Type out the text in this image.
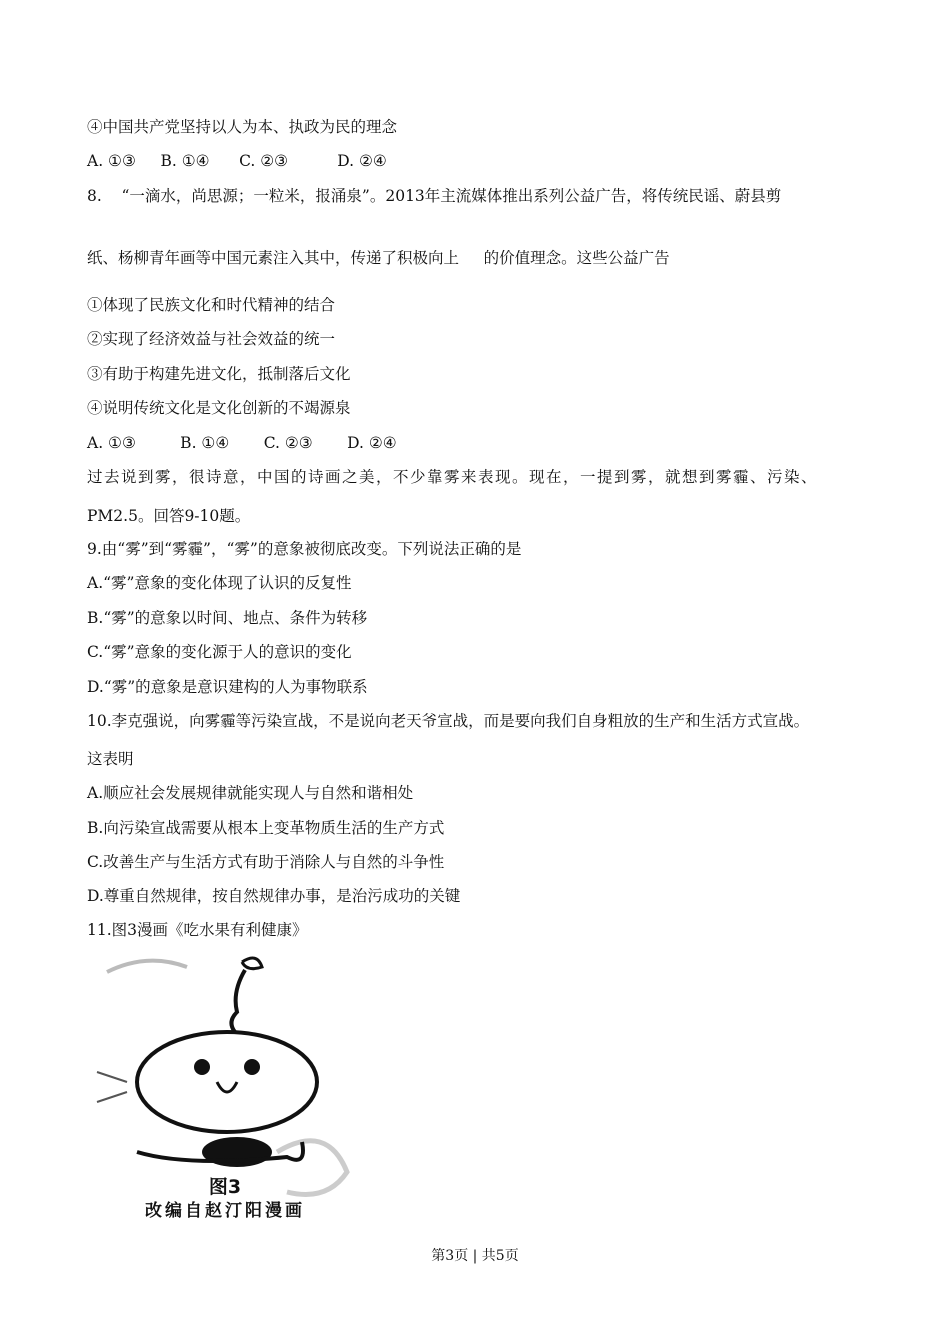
④中国共产党坚持以人为本、执政为民的理念
A. ①③     B. ①④      C. ②③          D. ②④
8.    “一滴水，尚思源；一粒米，报涌泉”。2013年主流媒体推出系列公益广告，将传统民谣、蔚县剪
纸、杨柳青年画等中国元素注入其中，传递了积极向上     的价值理念。这些公益广告
①体现了民族文化和时代精神的结合
②实现了经济效益与社会效益的统一
③有助于构建先进文化，抵制落后文化
④说明传统文化是文化创新的不竭源泉
A. ①③         B. ①④       C. ②③       D. ②④
过去说到雾，很诗意，中国的诗画之美，不少靠雾来表现。现在，一提到雾，就想到雾霾、污染、
PM2.5。回答9-10题。
9.由“雾”到“雾霾”，“雾”的意象被彻底改变。下列说法正确的是
A.“雾”意象的变化体现了认识的反复性
B.“雾”的意象以时间、地点、条件为转移
C.“雾”意象的变化源于人的意识的变化
D.“雾”的意象是意识建构的人为事物联系
10.李克强说，向雾霾等污染宣战，不是说向老天爷宣战，而是要向我们自身粗放的生产和生活方式宣战。
这表明
A.顺应社会发展规律就能实现人与自然和谐相处
B.向污染宣战需要从根本上变革物质生活的生产方式
C.改善生产与生活方式有助于消除人与自然的斗争性
D.尊重自然规律，按自然规律办事，是治污成功的关键
11.图3漫画《吃水果有利健康》
图3
改编自赵汀阳漫画
第3页 | 共5页
